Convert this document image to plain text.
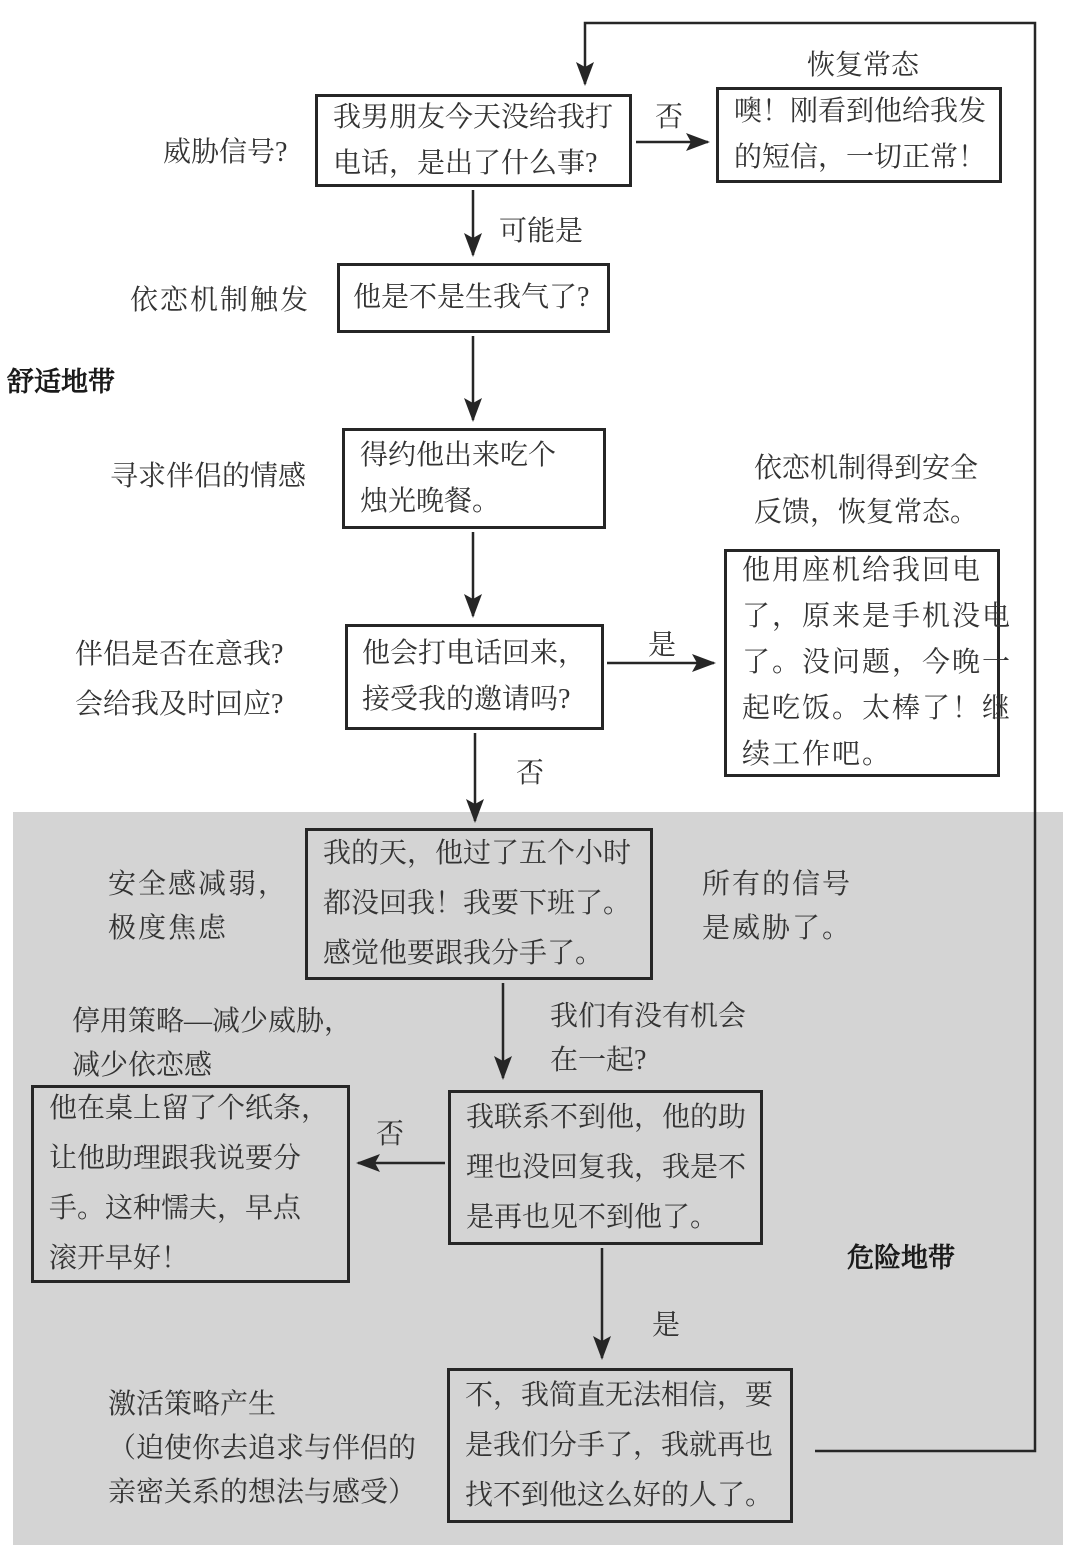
我男朋友今天没给我打
电话，是出了什么事?
噢！刚看到他给我发
的短信，一切正常！
他是不是生我气了?
得约他出来吃个
烛光晚餐。
他会打电话回来，
接受我的邀请吗?
他用座机给我回电
了，原来是手机没电
了。没问题，今晚一
起吃饭。太棒了！继
续工作吧。
我的天，他过了五个小时
都没回我！我要下班了。
感觉他要跟我分手了。
我联系不到他，他的助
理也没回复我，我是不
是再也见不到他了。
他在桌上留了个纸条，
让他助理跟我说要分
手。这种懦夫，早点
滚开早好！
不，我简直无法相信，要
是我们分手了，我就再也
找不到他这么好的人了。
威胁信号?
依恋机制触发
舒适地带
寻求伴侣的情感
伴侣是否在意我?
会给我及时回应?
恢复常态
依恋机制得到安全
反馈，恢复常态。
安全感减弱，
极度焦虑
所有的信号
是威胁了。
停用策略—减少威胁，
减少依恋感
我们有没有机会
在一起?
危险地带
激活策略产生
（迫使你去追求与伴侣的
亲密关系的想法与感受）
否
可能是
是
否
否
是
